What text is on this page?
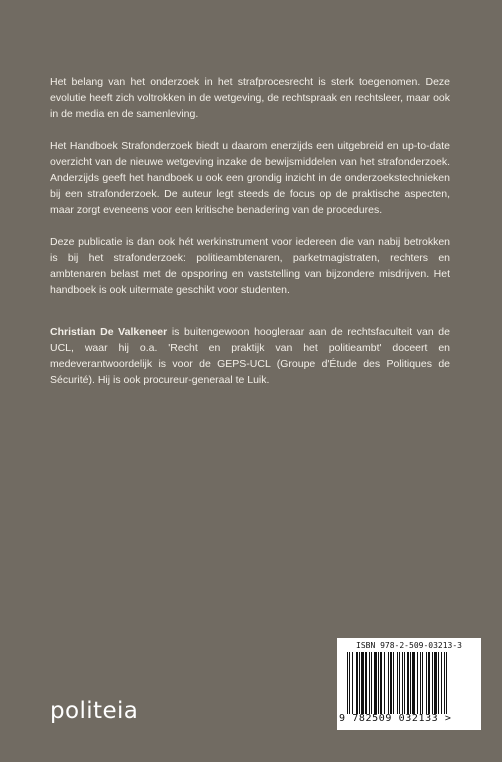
Het belang van het onderzoek in het strafprocesrecht is sterk toegenomen. Deze evolutie heeft zich voltrokken in de wetgeving, de rechtspraak en rechtsleer, maar ook in de media en de samenleving.

Het Handboek Strafonderzoek biedt u daarom enerzijds een uitgebreid en up-to-date overzicht van de nieuwe wetgeving inzake de bewijsmiddelen van het strafonderzoek. Anderzijds geeft het handboek u ook een grondig inzicht in de onderzoekstechnieken bij een strafonderzoek. De auteur legt steeds de focus op de praktische aspecten, maar zorgt eveneens voor een kritische benadering van de procedures.

Deze publicatie is dan ook hét werkinstrument voor iedereen die van nabij betrokken is bij het strafonderzoek: politieambtenaren, parketmagistraten, rechters en ambtenaren belast met de opsporing en vaststelling van bijzondere misdrijven. Het handboek is ook uitermate geschikt voor studenten.

Christian De Valkeneer is buitengewoon hoogleraar aan de rechtsfaculteit van de UCL, waar hij o.a. 'Recht en praktijk van het politieambt' doceert en medeverantwoordelijk is voor de GEPS-UCL (Groupe d'Étude des Politiques de Sécurité). Hij is ook procureur-generaal te Luik.

politeia
ISBN 978-2-509-03213-3
9 782509 032133 >
